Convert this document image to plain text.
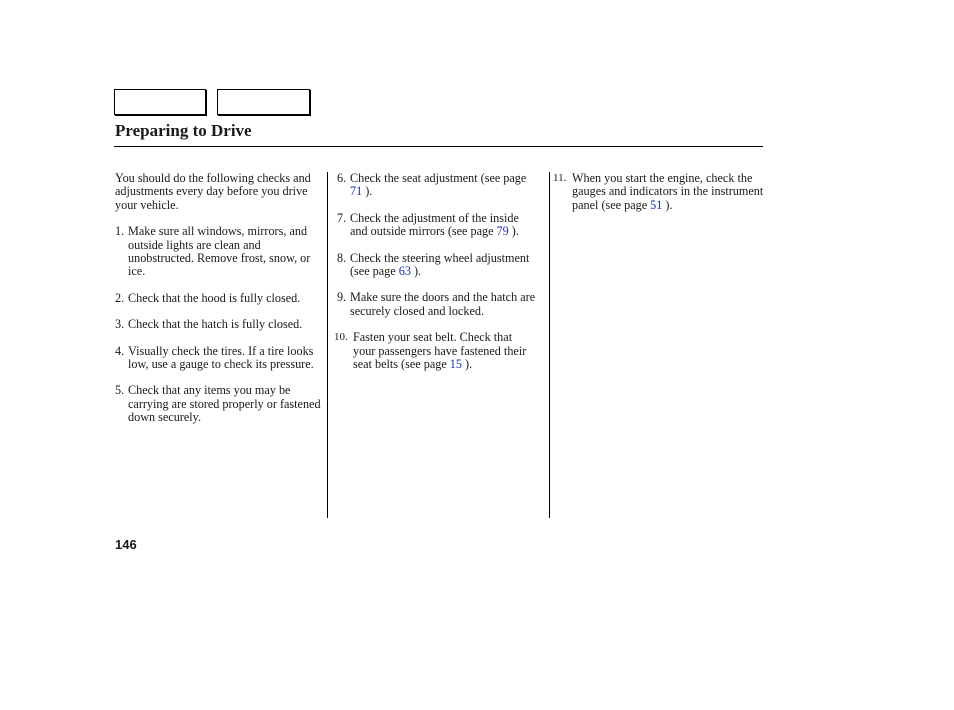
Preparing to Drive

You should do the following checks and adjustments every day before you drive your vehicle.

1. Make sure all windows, mirrors, and outside lights are clean and unobstructed. Remove frost, snow, or ice.
2. Check that the hood is fully closed.
3. Check that the hatch is fully closed.
4. Visually check the tires. If a tire looks low, use a gauge to check its pressure.
5. Check that any items you may be carrying are stored properly or fastened down securely.
6. Check the seat adjustment (see page 71 ).
7. Check the adjustment of the inside and outside mirrors (see page 79 ).
8. Check the steering wheel adjustment (see page 63 ).
9. Make sure the doors and the hatch are securely closed and locked.
10. Fasten your seat belt. Check that your passengers have fastened their seat belts (see page 15 ).
11. When you start the engine, check the gauges and indicators in the instrument panel (see page 51 ).
146
